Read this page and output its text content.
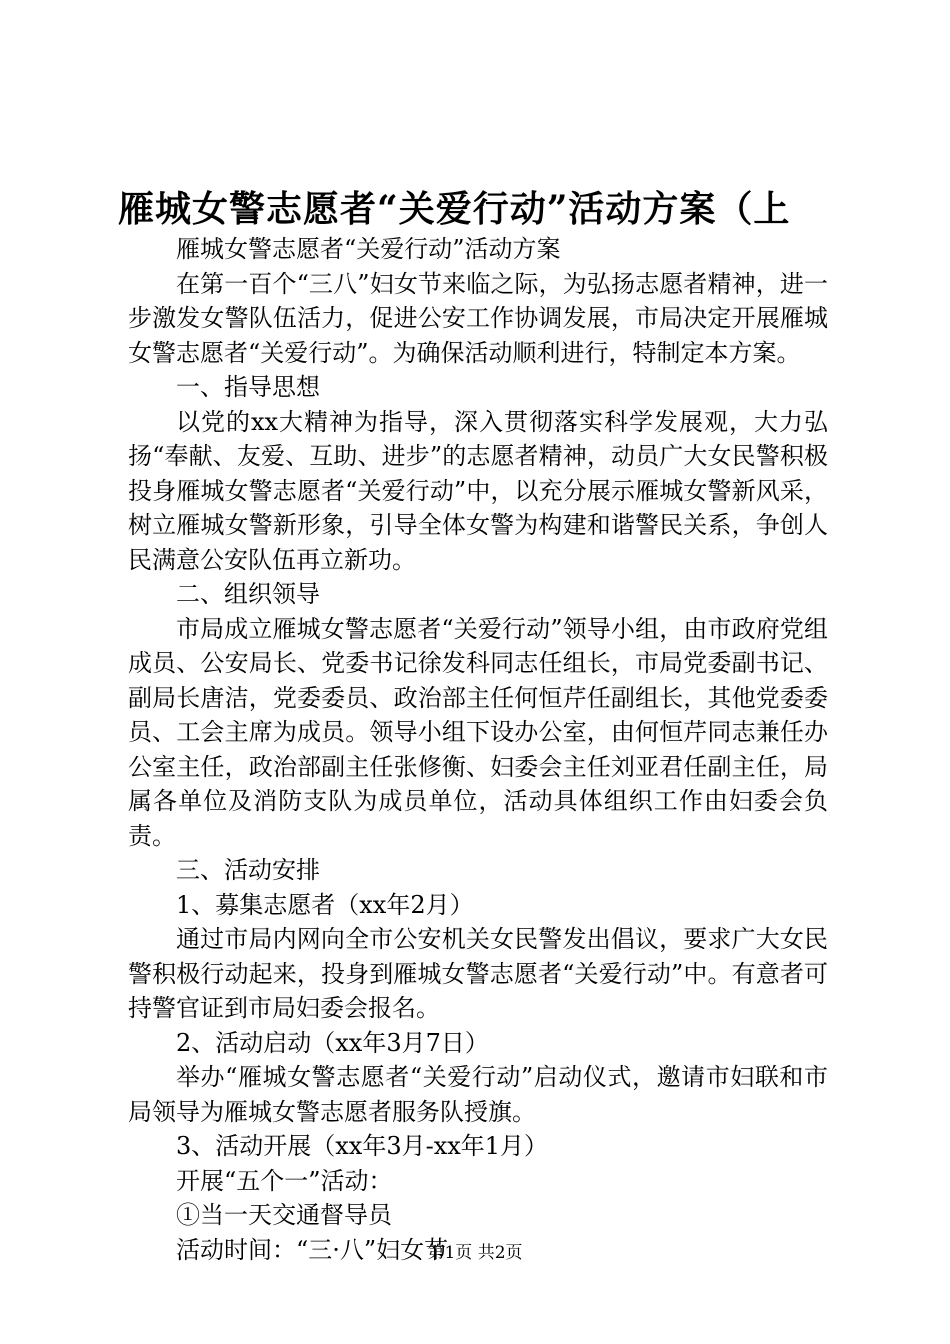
雁城女警志愿者“关爱行动”活动方案（上

雁城女警志愿者“关爱行动”活动方案

在第一百个“三八”妇女节来临之际，为弘扬志愿者精神，进一步激发女警队伍活力，促进公安工作协调发展，市局决定开展雁城女警志愿者“关爱行动”。为确保活动顺利进行，特制定本方案。

一、指导思想

以党的xx大精神为指导，深入贯彻落实科学发展观，大力弘扬“奉献、友爱、互助、进步”的志愿者精神，动员广大女民警积极投身雁城女警志愿者“关爱行动”中，以充分展示雁城女警新风采，树立雁城女警新形象，引导全体女警为构建和谐警民关系，争创人民满意公安队伍再立新功。

二、组织领导

市局成立雁城女警志愿者“关爱行动”领导小组，由市政府党组成员、公安局长、党委书记徐发科同志任组长，市局党委副书记、副局长唐洁，党委委员、政治部主任何恒芹任副组长，其他党委委员、工会主席为成员。领导小组下设办公室，由何恒芹同志兼任办公室主任，政治部副主任张修衡、妇委会主任刘亚君任副主任，局属各单位及消防支队为成员单位，活动具体组织工作由妇委会负责。

三、活动安排

1、募集志愿者（xx年2月）

通过市局内网向全市公安机关女民警发出倡议，要求广大女民警积极行动起来，投身到雁城女警志愿者“关爱行动”中。有意者可持警官证到市局妇委会报名。

2、活动启动（xx年3月7日）

举办“雁城女警志愿者“关爱行动”启动仪式，邀请市妇联和市局领导为雁城女警志愿者服务队授旗。

3、活动开展（xx年3月-xx年1月）

开展“五个一”活动：

①当一天交通督导员

活动时间：“三·八”妇女节

第1页 共2页
